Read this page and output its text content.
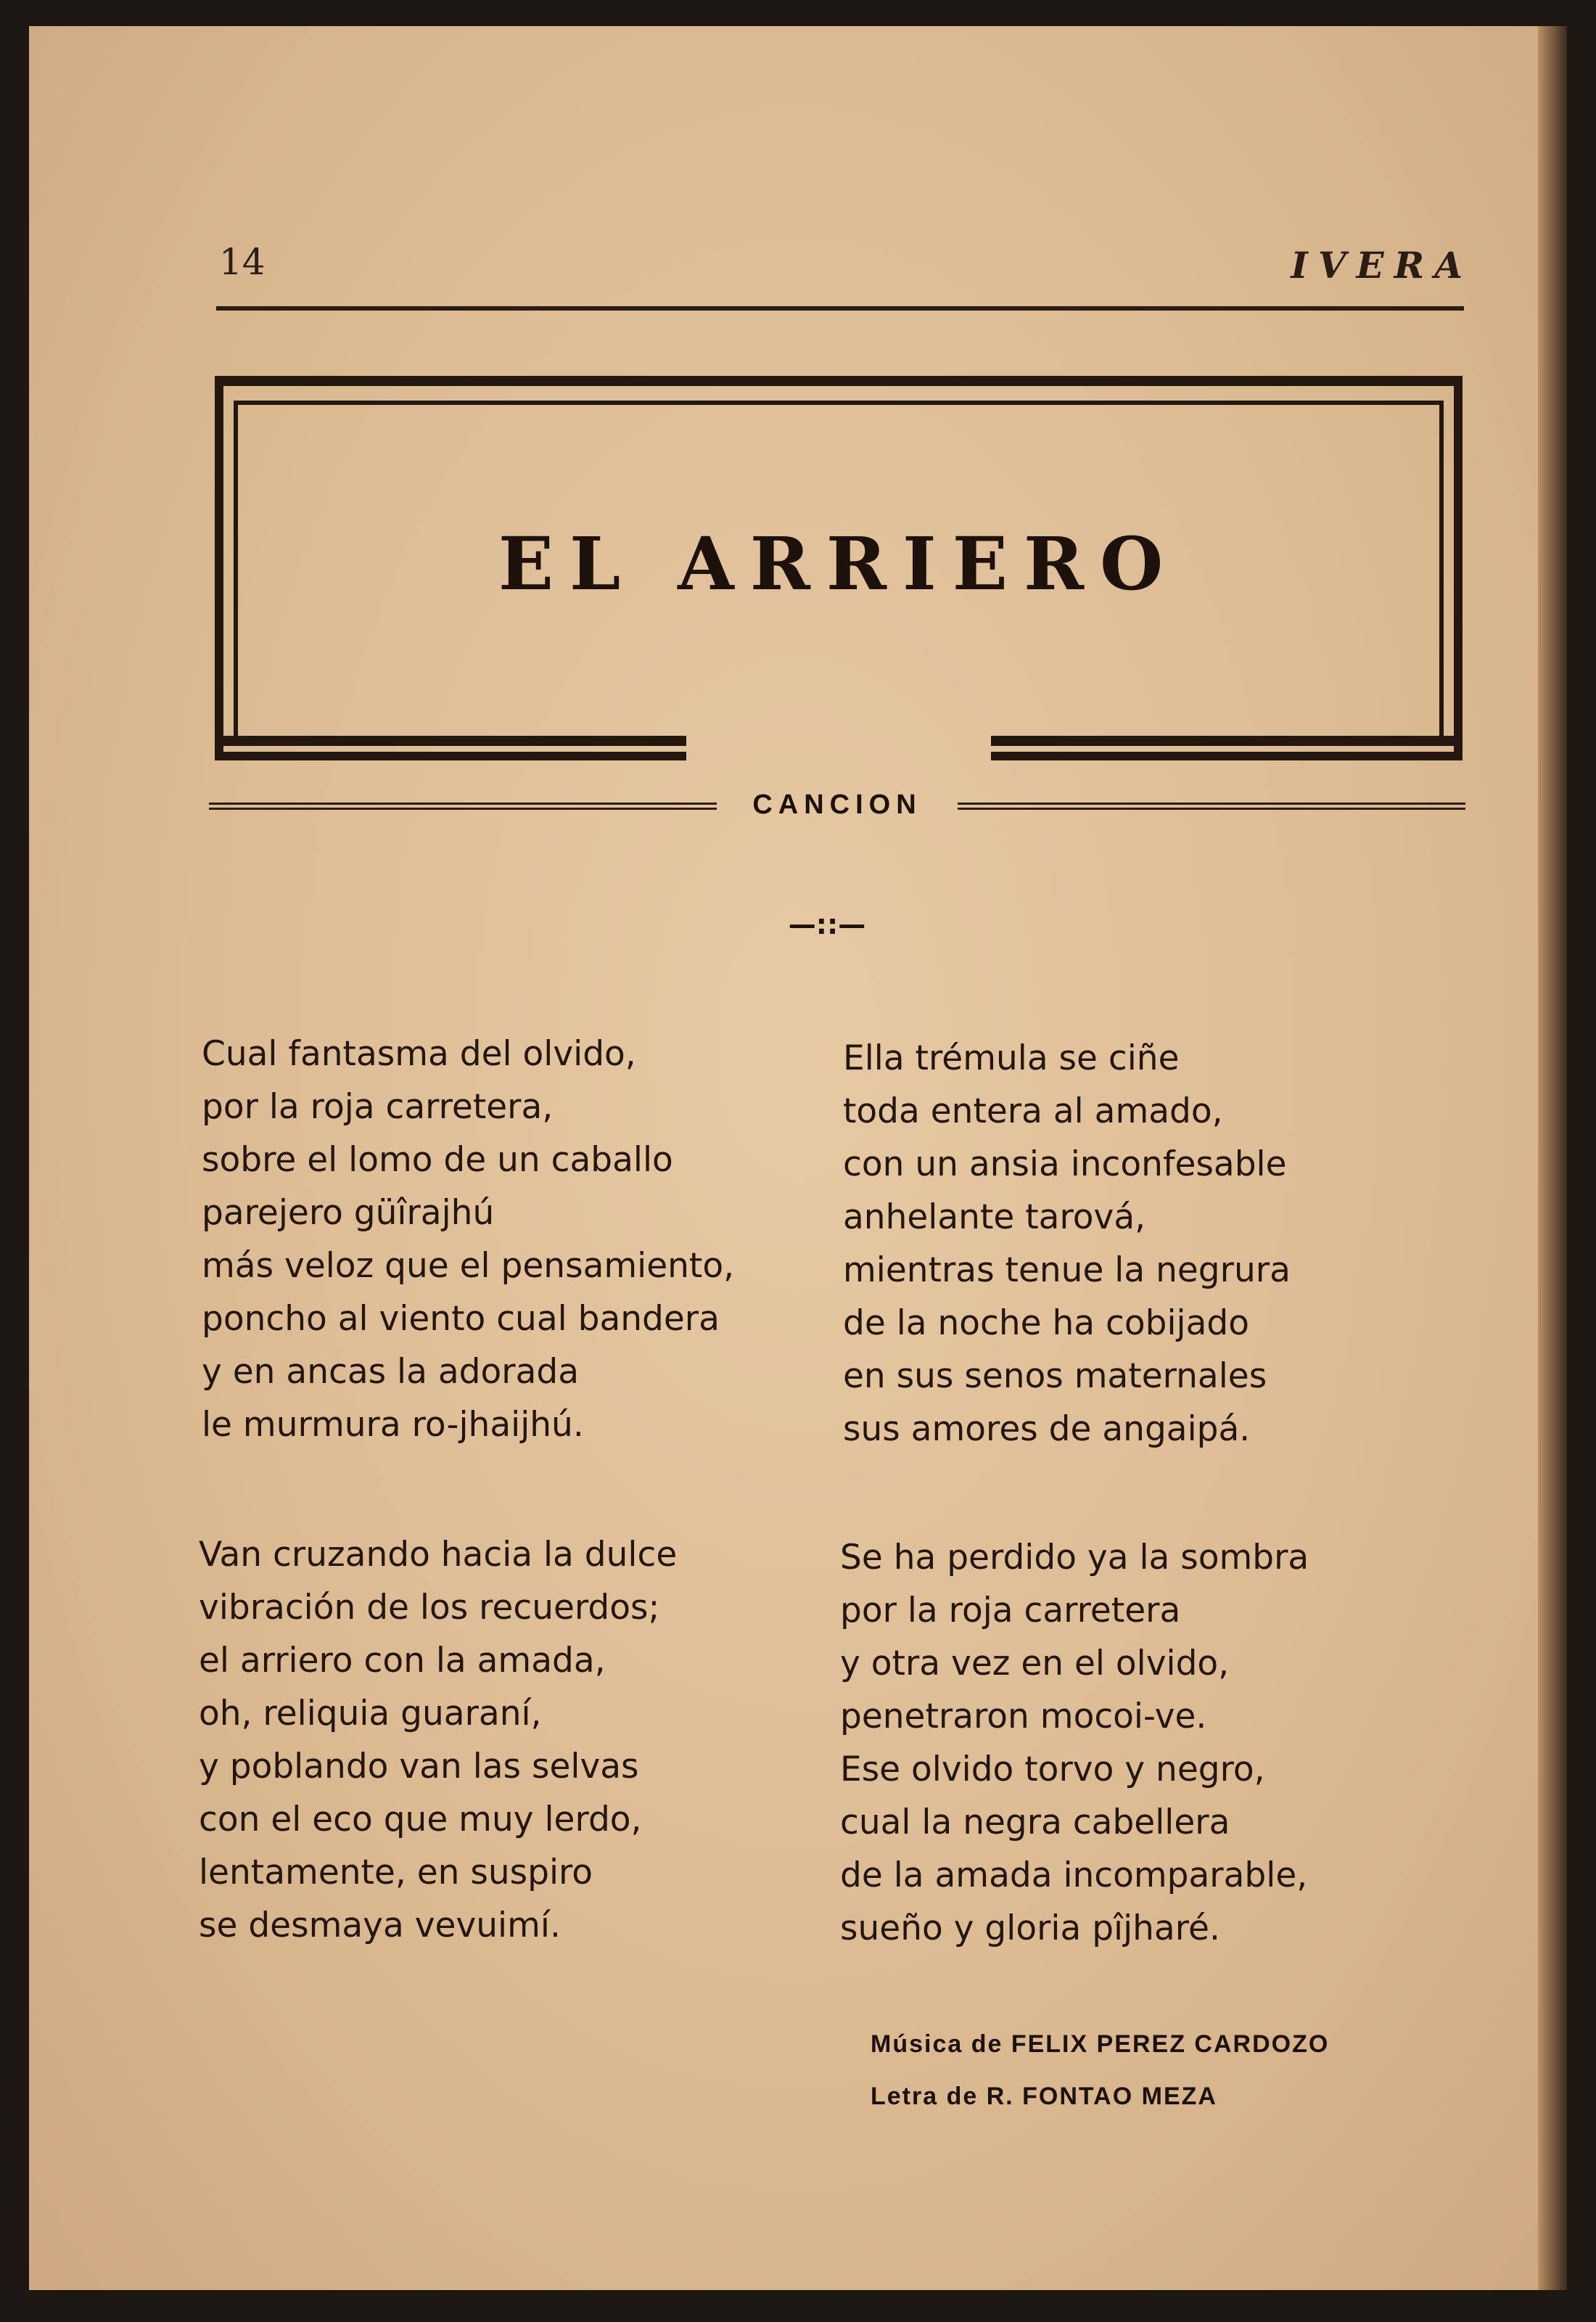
14	IVERA
EL ARRIERO
CANCION
—::—
Cual fantasma del olvido,
por la roja carretera,
sobre el lomo de un caballo
parejero güîrajhú
más veloz que el pensamiento,
poncho al viento cual bandera
y en ancas la adorada
le murmura ro-jhaijhú.
Ella trémula se ciñe
toda entera al amado,
con un ansia inconfesable
anhelante tarová,
mientras tenue la negrura
de la noche ha cobijado
en sus senos maternales
sus amores de angaipá.
Van cruzando hacia la dulce
vibración de los recuerdos;
el arriero con la amada,
oh, reliquia guaraní,
y poblando van las selvas
con el eco que muy lerdo,
lentamente, en suspiro
se desmaya vevuimí.
Se ha perdido ya la sombra
por la roja carretera
y otra vez en el olvido,
penetraron mocoi-ve.
Ese olvido torvo y negro,
cual la negra cabellera
de la amada incomparable,
sueño y gloria pîjharé.
Música de FELIX PEREZ CARDOZO
Letra de R. FONTAO MEZA
